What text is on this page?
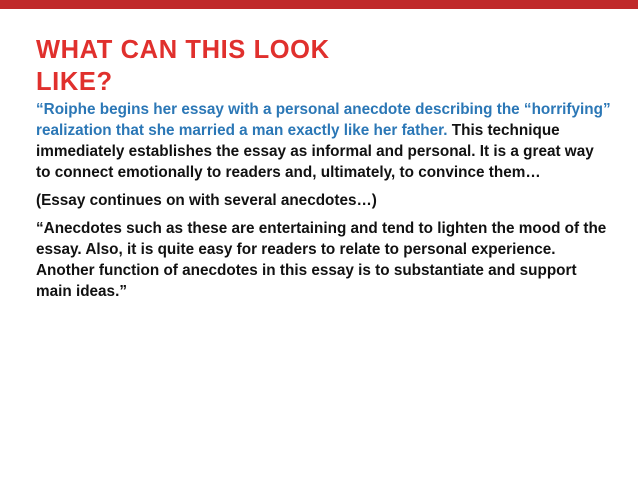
WHAT CAN THIS LOOK
LIKE?

“Roiphe begins her essay with a personal anecdote describing the “horrifying” realization that she married a man exactly like her father. This technique immediately establishes the essay as informal and personal. It is a great way to connect emotionally to readers and, ultimately, to convince them…

(Essay continues on with several anecdotes…)

“Anecdotes such as these are entertaining and tend to lighten the mood of the essay. Also, it is quite easy for readers to relate to personal experience. Another function of anecdotes in this essay is to substantiate and support main ideas.”
